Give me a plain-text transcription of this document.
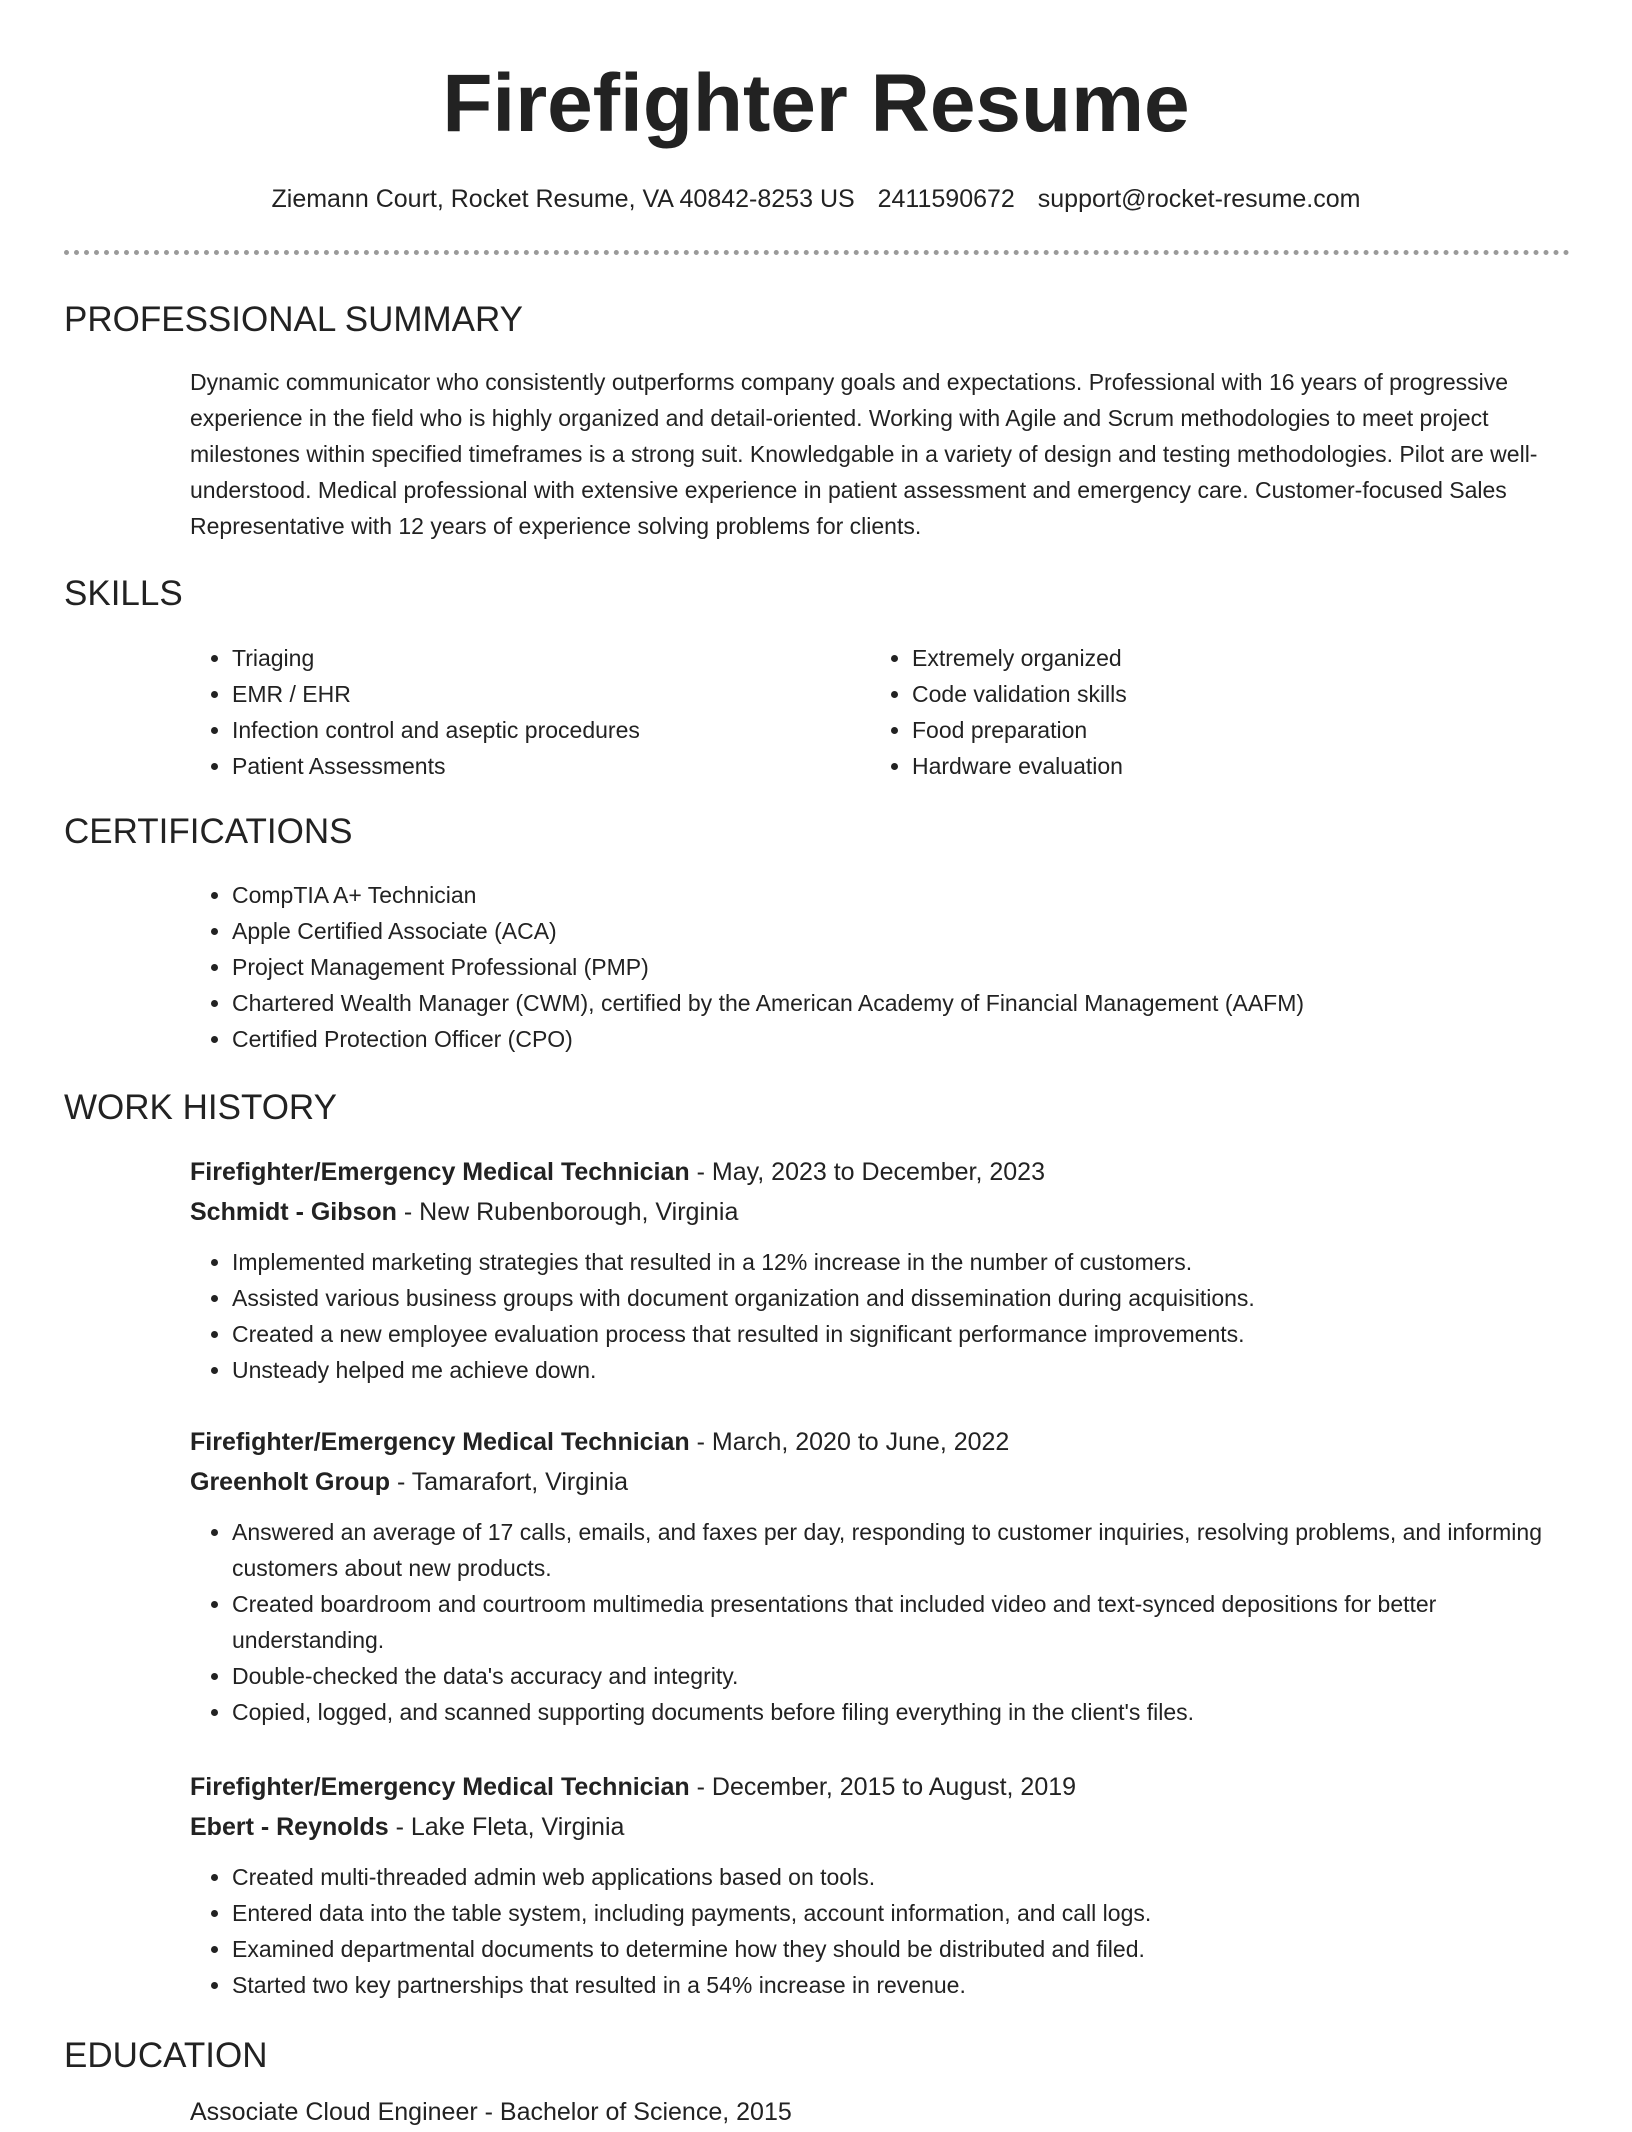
Firefighter Resume
Ziemann Court, Rocket Resume, VA 40842-8253 US 2411590672 support@rocket-resume.com
PROFESSIONAL SUMMARY

Dynamic communicator who consistently outperforms company goals and expectations. Professional with 16 years of progressive experience in the field who is highly organized and detail-oriented. Working with Agile and Scrum methodologies to meet project milestones within specified timeframes is a strong suit. Knowledgable in a variety of design and testing methodologies. Pilot are well-understood. Medical professional with extensive experience in patient assessment and emergency care. Customer-focused Sales Representative with 12 years of experience solving problems for clients.

SKILLS
• Triaging
• EMR / EHR
• Infection control and aseptic procedures
• Patient Assessments
• Extremely organized
• Code validation skills
• Food preparation
• Hardware evaluation
CERTIFICATIONS
• CompTIA A+ Technician
• Apple Certified Associate (ACA)
• Project Management Professional (PMP)
• Chartered Wealth Manager (CWM), certified by the American Academy of Financial Management (AAFM)
• Certified Protection Officer (CPO)
WORK HISTORY

Firefighter/Emergency Medical Technician - May, 2023 to December, 2023

Schmidt - Gibson - New Rubenborough, Virginia

• Implemented marketing strategies that resulted in a 12% increase in the number of customers.
• Assisted various business groups with document organization and dissemination during acquisitions.
• Created a new employee evaluation process that resulted in significant performance improvements.
• Unsteady helped me achieve down.

Firefighter/Emergency Medical Technician - March, 2020 to June, 2022

Greenholt Group - Tamarafort, Virginia

• Answered an average of 17 calls, emails, and faxes per day, responding to customer inquiries, resolving problems, and informing customers about new products.
• Created boardroom and courtroom multimedia presentations that included video and text-synced depositions for better understanding.
• Double-checked the data's accuracy and integrity.
• Copied, logged, and scanned supporting documents before filing everything in the client's files.

Firefighter/Emergency Medical Technician - December, 2015 to August, 2019

Ebert - Reynolds - Lake Fleta, Virginia

• Created multi-threaded admin web applications based on tools.
• Entered data into the table system, including payments, account information, and call logs.
• Examined departmental documents to determine how they should be distributed and filed.
• Started two key partnerships that resulted in a 54% increase in revenue.
EDUCATION
Associate Cloud Engineer - Bachelor of Science, 2015
